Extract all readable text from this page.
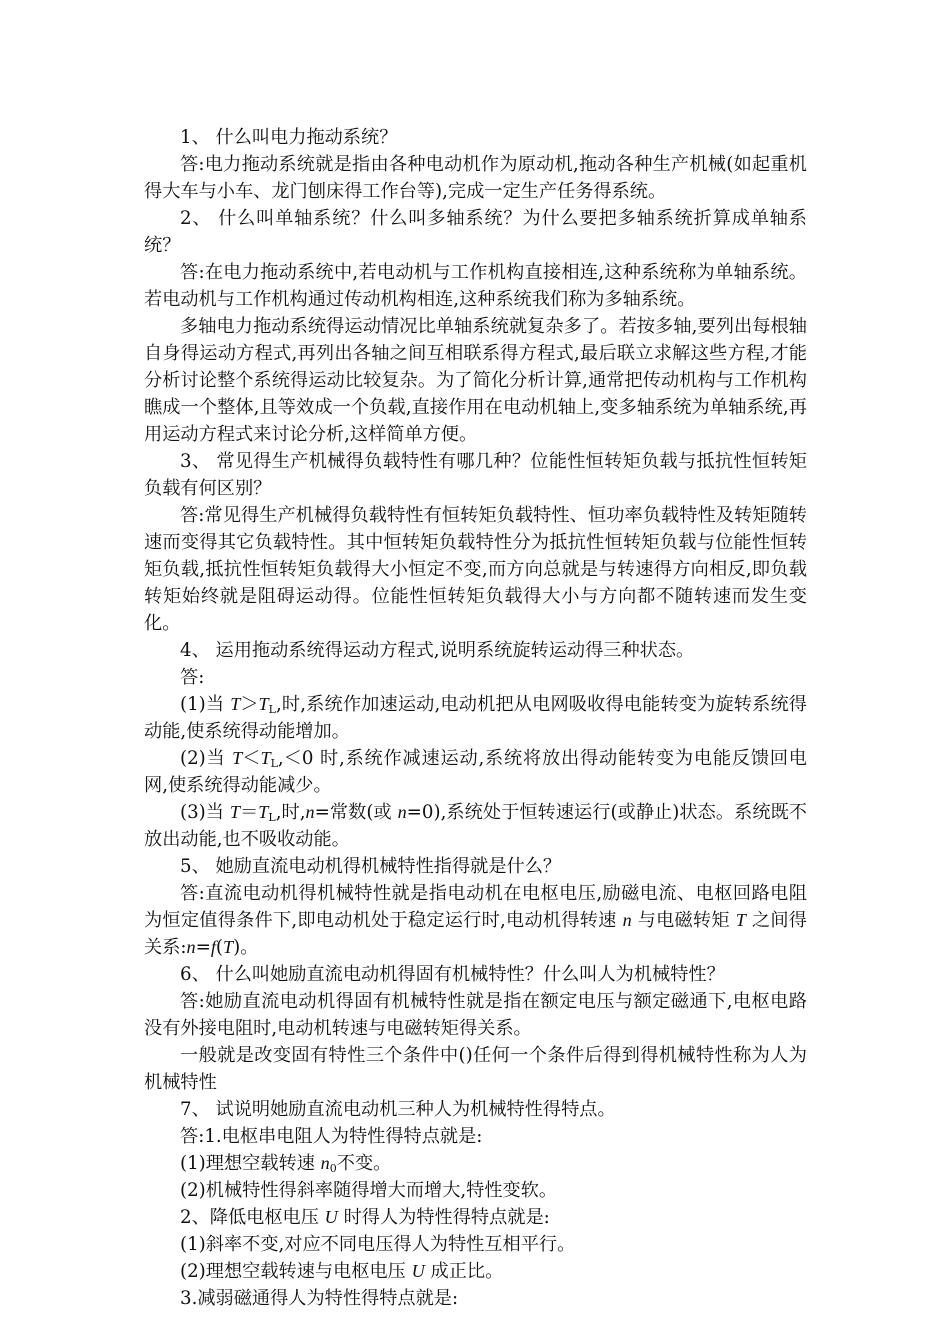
1、 什么叫电力拖动系统？

答:电力拖动系统就是指由各种电动机作为原动机,拖动各种生产机械(如起重机得大车与小车、龙门刨床得工作台等),完成一定生产任务得系统。

2、 什么叫单轴系统？什么叫多轴系统？为什么要把多轴系统折算成单轴系统？

答:在电力拖动系统中,若电动机与工作机构直接相连,这种系统称为单轴系统。若电动机与工作机构通过传动机构相连,这种系统我们称为多轴系统。

多轴电力拖动系统得运动情况比单轴系统就复杂多了。若按多轴,要列出每根轴自身得运动方程式,再列出各轴之间互相联系得方程式,最后联立求解这些方程,才能分析讨论整个系统得运动比较复杂。为了简化分析计算,通常把传动机构与工作机构瞧成一个整体,且等效成一个负载,直接作用在电动机轴上,变多轴系统为单轴系统,再用运动方程式来讨论分析,这样简单方便。

3、 常见得生产机械得负载特性有哪几种？位能性恒转矩负载与抵抗性恒转矩负载有何区别？

答:常见得生产机械得负载特性有恒转矩负载特性、恒功率负载特性及转矩随转速而变得其它负载特性。其中恒转矩负载特性分为抵抗性恒转矩负载与位能性恒转矩负载,抵抗性恒转矩负载得大小恒定不变,而方向总就是与转速得方向相反,即负载转矩始终就是阻碍运动得。位能性恒转矩负载得大小与方向都不随转速而发生变化。

4、 运用拖动系统得运动方程式,说明系统旋转运动得三种状态。

答:

(1)当 $T>T_L$,时,系统作加速运动,电动机把从电网吸收得电能转变为旋转系统得动能,使系统得动能增加。

(2)当 $T<T_L,<0$ 时,系统作减速运动,系统将放出得动能转变为电能反馈回电网,使系统得动能减少。

(3)当 $T=T_L$,时,n=常数(或 n=0),系统处于恒转速运行(或静止)状态。系统既不放出动能,也不吸收动能。

5、 她励直流电动机得机械特性指得就是什么？

答:直流电动机得机械特性就是指电动机在电枢电压,励磁电流、电枢回路电阻为恒定值得条件下,即电动机处于稳定运行时,电动机得转速 n 与电磁转矩 T 之间得关系:n=f(T)。

6、 什么叫她励直流电动机得固有机械特性？什么叫人为机械特性？

答:她励直流电动机得固有机械特性就是指在额定电压与额定磁通下,电枢电路没有外接电阻时,电动机转速与电磁转矩得关系。

一般就是改变固有特性三个条件中()任何一个条件后得到得机械特性称为人为机械特性

7、 试说明她励直流电动机三种人为机械特性得特点。

答:1.电枢串电阻人为特性得特点就是:

(1)理想空载转速 $n_0$不变。

(2)机械特性得斜率随得增大而增大,特性变软。

2、降低电枢电压 U 时得人为特性得特点就是:

(1)斜率不变,对应不同电压得人为特性互相平行。

(2)理想空载转速与电枢电压 U 成正比。

3.减弱磁通得人为特性得特点就是:
